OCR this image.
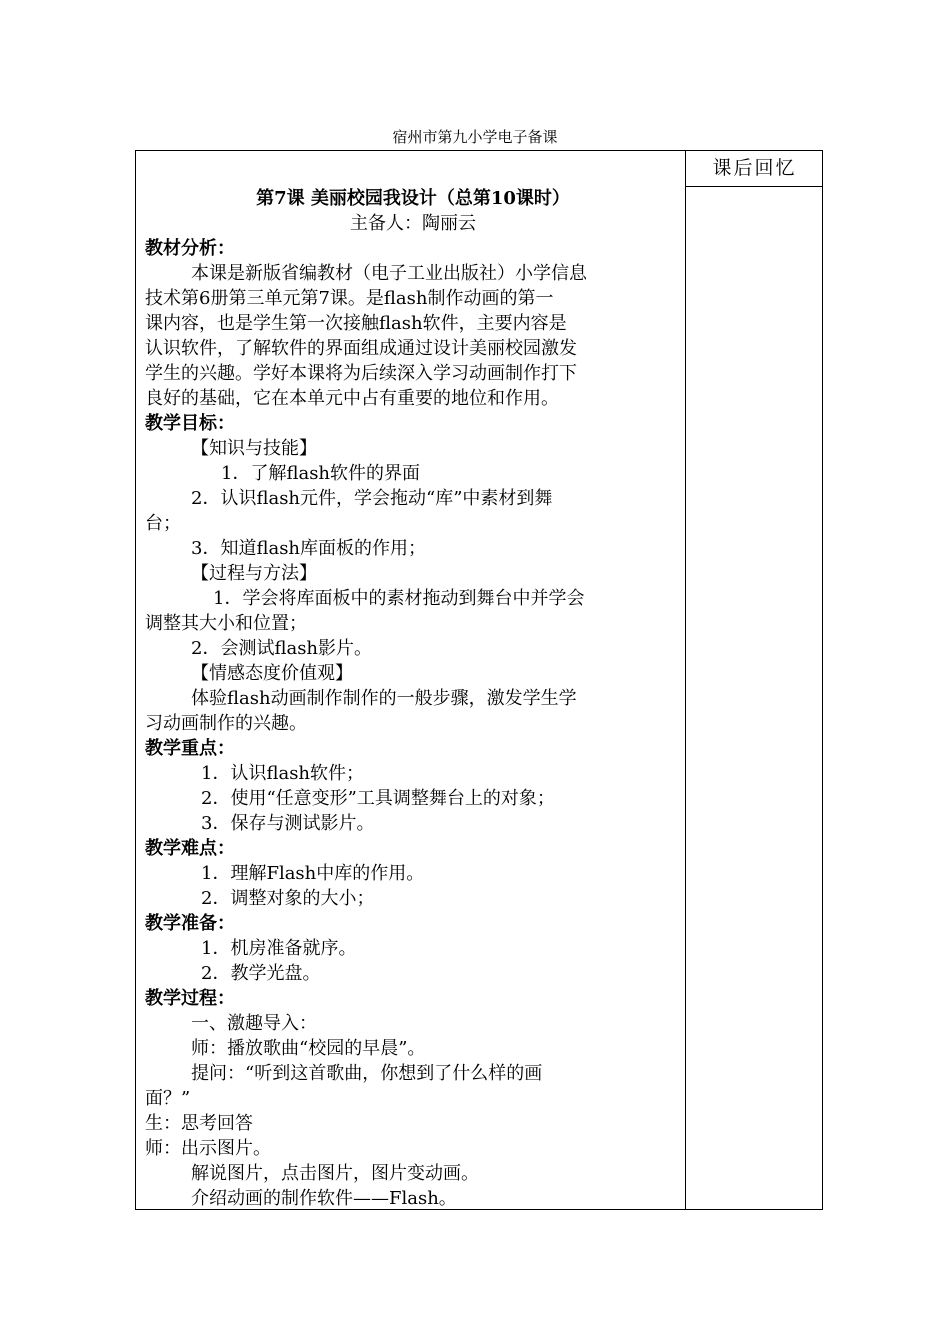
宿州市第九小学电子备课
课后回忆
第7课 美丽校园我设计（总第10课时）
主备人：陶丽云
教材分析：
本课是新版省编教材（电子工业出版社）小学信息
技术第6册第三单元第7课。是flash制作动画的第一
课内容，也是学生第一次接触flash软件，主要内容是
认识软件，了解软件的界面组成通过设计美丽校园激发
学生的兴趣。学好本课将为后续深入学习动画制作打下
良好的基础，它在本单元中占有重要的地位和作用。
教学目标：
【知识与技能】
1．了解flash软件的界面
2．认识flash元件，学会拖动“库”中素材到舞
台；
3．知道flash库面板的作用；
【过程与方法】
1．学会将库面板中的素材拖动到舞台中并学会
调整其大小和位置；
2．会测试flash影片。
【情感态度价值观】
体验flash动画制作制作的一般步骤，激发学生学
习动画制作的兴趣。
教学重点：
1．认识flash软件；
2．使用“任意变形”工具调整舞台上的对象；
3．保存与测试影片。
教学难点：
1．理解Flash中库的作用。
2．调整对象的大小；
教学准备：
1．机房准备就序。
2．教学光盘。
教学过程：
一、激趣导入：
师：播放歌曲“校园的早晨”。
提问：“听到这首歌曲，你想到了什么样的画
面？”
生：思考回答
师：出示图片。
解说图片，点击图片，图片变动画。
介绍动画的制作软件——Flash。
